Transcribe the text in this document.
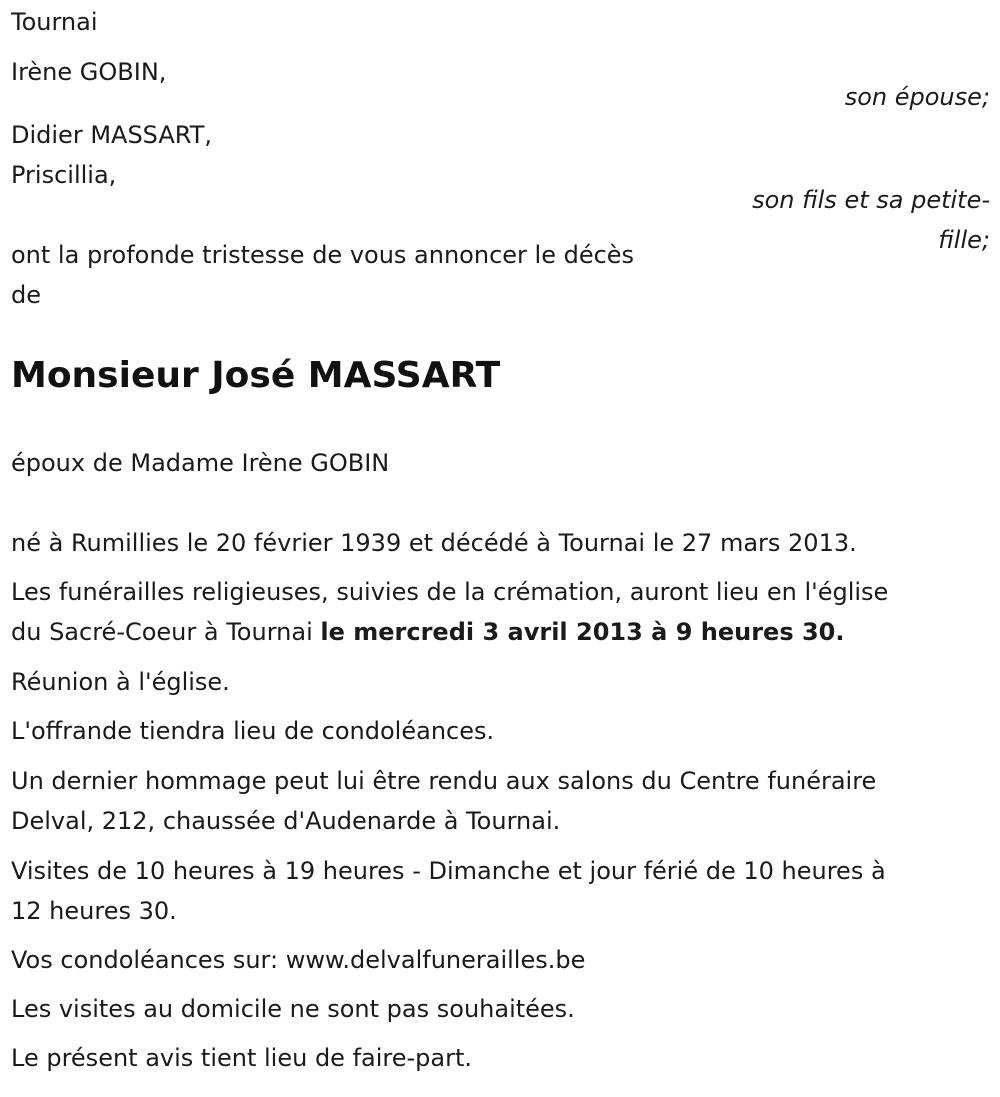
Tournai
Irène GOBIN,
son épouse;
Didier MASSART,
Priscillia,
son fils et sa petite-
fille;
ont la profonde tristesse de vous annoncer le décès
de
Monsieur José MASSART
époux de Madame Irène GOBIN
né à Rumillies le 20 février 1939 et décédé à Tournai le 27 mars 2013.
Les funérailles religieuses, suivies de la crémation, auront lieu en l'église
du Sacré-Coeur à Tournai le mercredi 3 avril 2013 à 9 heures 30.
Réunion à l'église.
L'offrande tiendra lieu de condoléances.
Un dernier hommage peut lui être rendu aux salons du Centre funéraire
Delval, 212, chaussée d'Audenarde à Tournai.
Visites de 10 heures à 19 heures - Dimanche et jour férié de 10 heures à
12 heures 30.
Vos condoléances sur: www.delvalfunerailles.be
Les visites au domicile ne sont pas souhaitées.
Le présent avis tient lieu de faire-part.
